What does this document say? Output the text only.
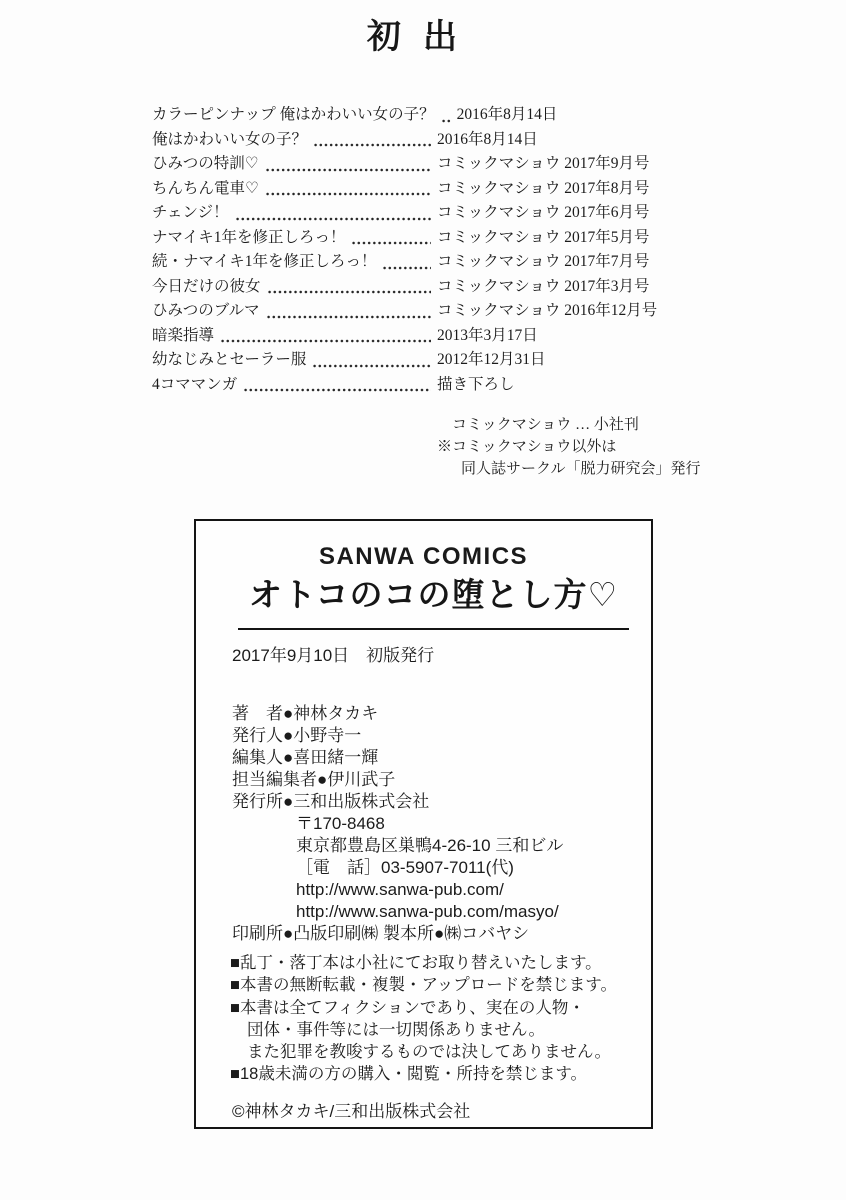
初出
カラーピンナップ 俺はかわいい女の子？ 2016年8月14日
俺はかわいい女の子？	2016年8月14日
ひみつの特訓♡	コミックマショウ 2017年9月号
ちんちん電車♡	コミックマショウ 2017年8月号
チェンジ！	コミックマショウ 2017年6月号
ナマイキ1年を修正しろっ！	コミックマショウ 2017年5月号
続・ナマイキ1年を修正しろっ！	コミックマショウ 2017年7月号
今日だけの彼女	コミックマショウ 2017年3月号
ひみつのブルマ	コミックマショウ 2016年12月号
暗楽指導	2013年3月17日
幼なじみとセーラー服	2012年12月31日
4コママンガ	描き下ろし
コミックマショウ … 小社刊
※コミックマショウ以外は
同人誌サークル「脱力研究会」発行
SANWA COMICS
オトコのコの堕とし方♡
2017年9月10日　初版発行
著　者●神林タカキ
発行人●小野寺一
編集人●喜田緒一輝
担当編集者●伊川武子
発行所●三和出版株式会社
〒170-8468
東京都豊島区巣鴨4-26-10 三和ビル
［電　話］03-5907-7011(代)
http://www.sanwa-pub.com/
http://www.sanwa-pub.com/masyo/
印刷所●凸版印刷㈱ 製本所●㈱コバヤシ
■乱丁・落丁本は小社にてお取り替えいたします。
■本書の無断転載・複製・アップロードを禁じます。
■本書は全てフィクションであり、実在の人物・
団体・事件等には一切関係ありません。
また犯罪を教唆するものでは決してありません。
■18歳未満の方の購入・閲覧・所持を禁じます。
©神林タカキ/三和出版株式会社
